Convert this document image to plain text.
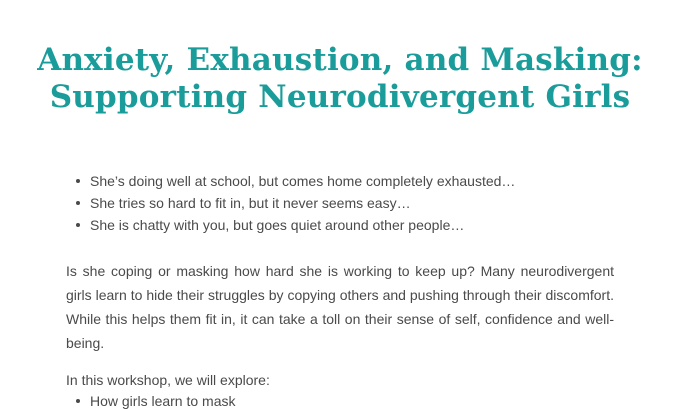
Anxiety, Exhaustion, and Masking:
Supporting Neurodivergent Girls
She’s doing well at school, but comes home completely exhausted…
She tries so hard to fit in, but it never seems easy…
She is chatty with you, but goes quiet around other people…

Is she coping or masking how hard she is working to keep up? Many neurodivergent girls learn to hide their struggles by copying others and pushing through their discomfort. While this helps them fit in, it can take a toll on their sense of self, confidence and well-being.

In this workshop, we will explore:

How girls learn to mask
